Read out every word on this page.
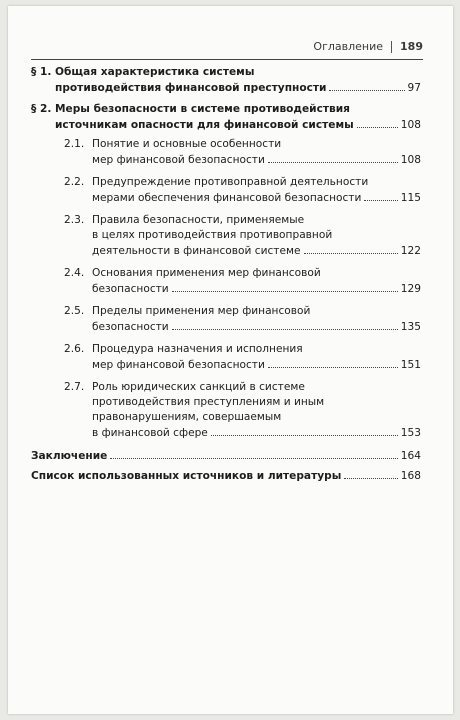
Оглавление 189
§ 1. Общая характеристика системы
противодействия финансовой преступности	97
§ 2. Меры безопасности в системе противодействия
источникам опасности для финансовой системы	108
2.1. Понятие и основные особенности
мер финансовой безопасности	108
2.2. Предупреждение противоправной деятельности
мерами обеспечения финансовой безопасности	115
2.3. Правила безопасности, применяемые
в целях противодействия противоправной
деятельности в финансовой системе	122
2.4. Основания применения мер финансовой
безопасности	129
2.5. Пределы применения мер финансовой
безопасности	135
2.6. Процедура назначения и исполнения
мер финансовой безопасности	151
2.7. Роль юридических санкций в системе
противодействия преступлениям и иным
правонарушениям, совершаемым
в финансовой сфере	153
Заключение	164
Список использованных источников и литературы	168
